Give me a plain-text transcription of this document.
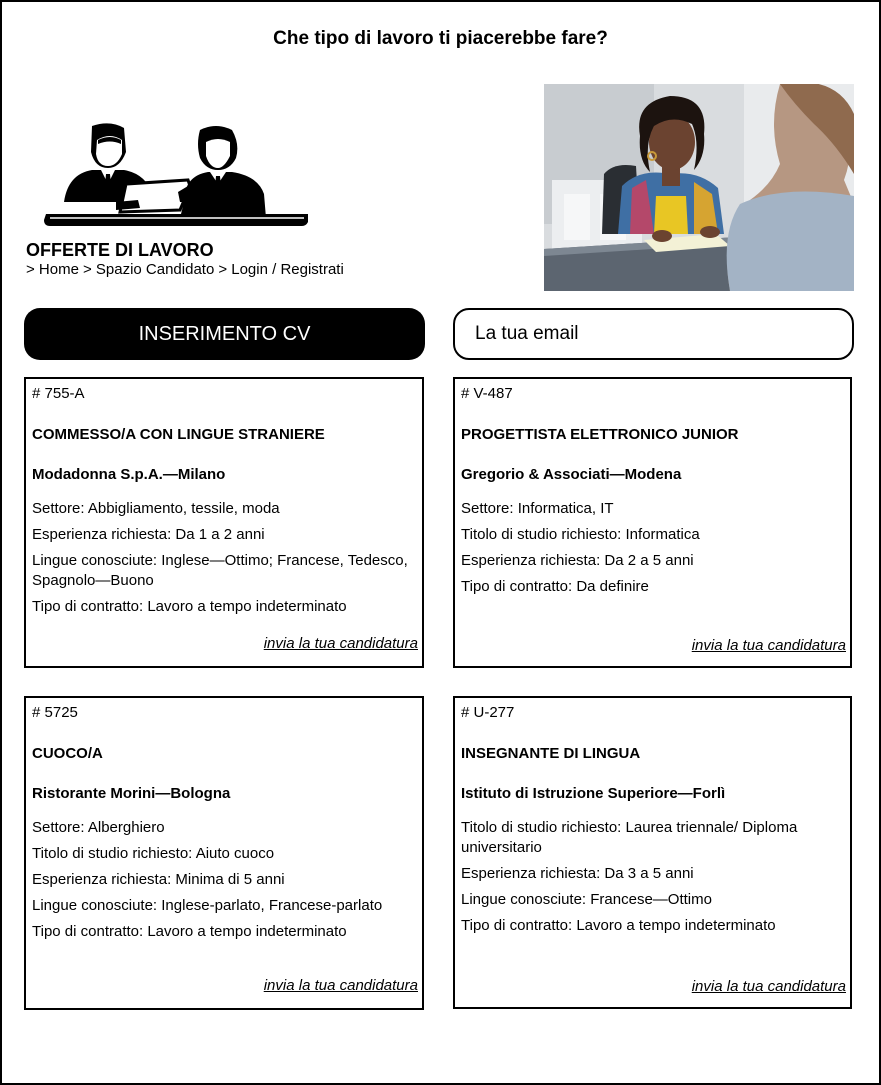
Che tipo di lavoro ti piacerebbe fare?
OFFERTE DI LAVORO
> Home > Spazio Candidato > Login / Registrati
INSERIMENTO CV
La tua email
# 755-A
COMMESSO/A CON LINGUE STRANIERE
Modadonna S.p.A.—Milano
Settore: Abbigliamento, tessile, moda
Esperienza richiesta: Da 1 a 2 anni
Lingue conosciute: Inglese—Ottimo; Francese, Tedesco, Spagnolo—Buono
Tipo di contratto: Lavoro a tempo indeterminato
invia la tua candidatura
# V-487
PROGETTISTA ELETTRONICO JUNIOR
Gregorio & Associati—Modena
Settore: Informatica, IT
Titolo di studio richiesto: Informatica
Esperienza richiesta: Da 2 a 5 anni
Tipo di contratto: Da definire
invia la tua candidatura
# 5725
CUOCO/A
Ristorante Morini—Bologna
Settore: Alberghiero
Titolo di studio richiesto: Aiuto cuoco
Esperienza richiesta: Minima di 5 anni
Lingue conosciute: Inglese-parlato, Francese-parlato
Tipo di contratto: Lavoro a tempo indeterminato
invia la tua candidatura
# U-277
INSEGNANTE DI LINGUA
Istituto di Istruzione Superiore—Forlì
Titolo di studio richiesto: Laurea triennale/ Diploma universitario
Esperienza richiesta: Da 3 a 5 anni
Lingue conosciute: Francese—Ottimo
Tipo di contratto: Lavoro a tempo indeterminato
invia la tua candidatura
